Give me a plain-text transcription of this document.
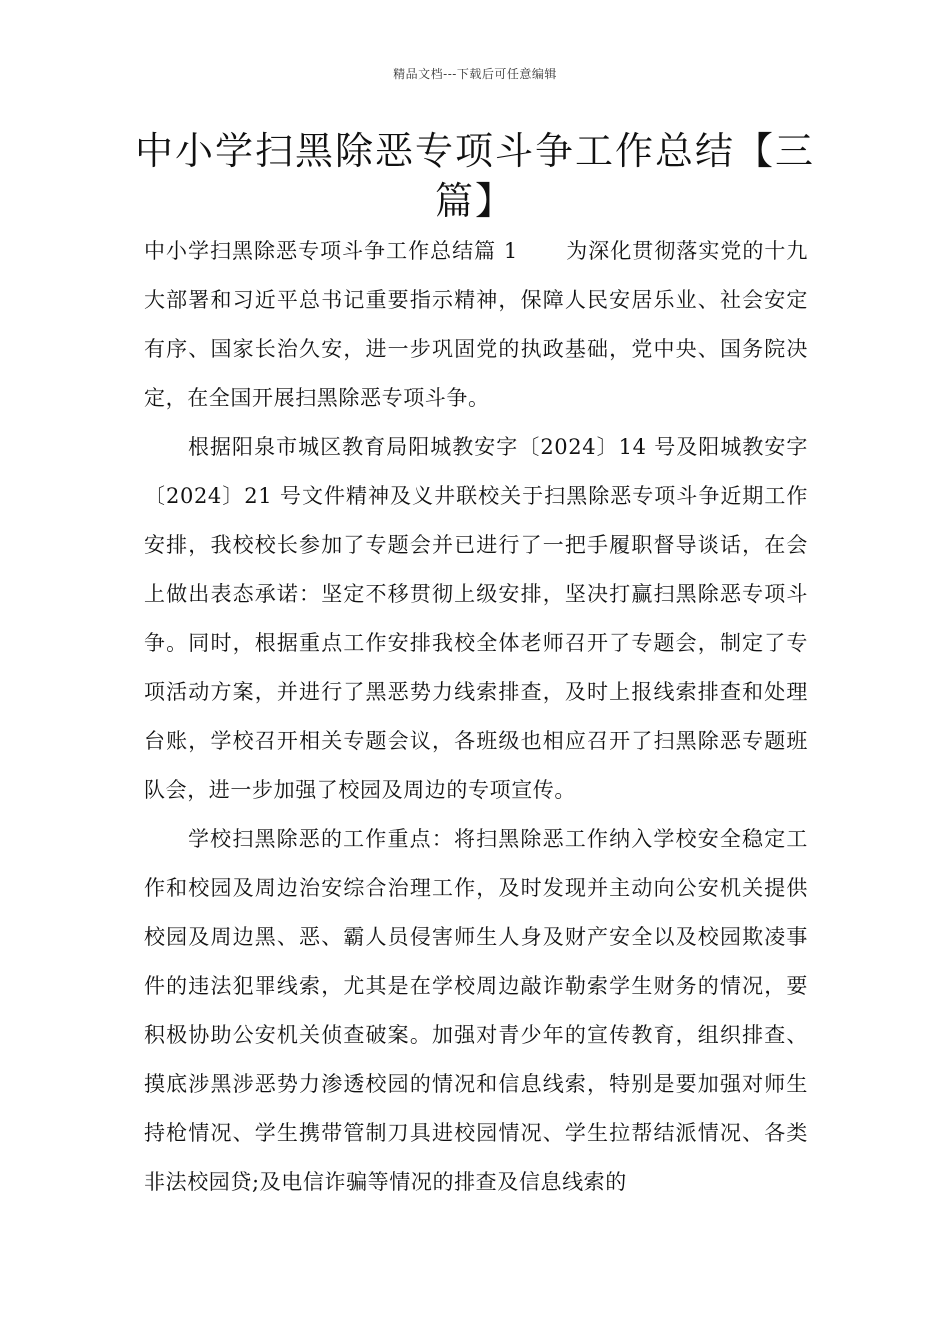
精品文档---下载后可任意编辑
中小学扫黑除恶专项斗争工作总结【三篇】

中小学扫黑除恶专项斗争工作总结篇 1 为深化贯彻落实党的十九大部署和习近平总书记重要指示精神，保障人民安居乐业、社会安定有序、国家长治久安，进一步巩固党的执政基础，党中央、国务院决定，在全国开展扫黑除恶专项斗争。

根据阳泉市城区教育局阳城教安字〔2024〕14 号及阳城教安字〔2024〕21 号文件精神及义井联校关于扫黑除恶专项斗争近期工作安排，我校校长参加了专题会并已进行了一把手履职督导谈话，在会上做出表态承诺：坚定不移贯彻上级安排，坚决打赢扫黑除恶专项斗争。同时，根据重点工作安排我校全体老师召开了专题会，制定了专项活动方案，并进行了黑恶势力线索排查，及时上报线索排查和处理台账，学校召开相关专题会议，各班级也相应召开了扫黑除恶专题班队会，进一步加强了校园及周边的专项宣传。

学校扫黑除恶的工作重点：将扫黑除恶工作纳入学校安全稳定工作和校园及周边治安综合治理工作，及时发现并主动向公安机关提供校园及周边黑、恶、霸人员侵害师生人身及财产安全以及校园欺凌事件的违法犯罪线索，尤其是在学校周边敲诈勒索学生财务的情况，要积极协助公安机关侦查破案。加强对青少年的宣传教育，组织排查、摸底涉黑涉恶势力渗透校园的情况和信息线索，特别是要加强对师生持枪情况、学生携带管制刀具进校园情况、学生拉帮结派情况、各类非法校园贷;及电信诈骗等情况的排查及信息线索的
